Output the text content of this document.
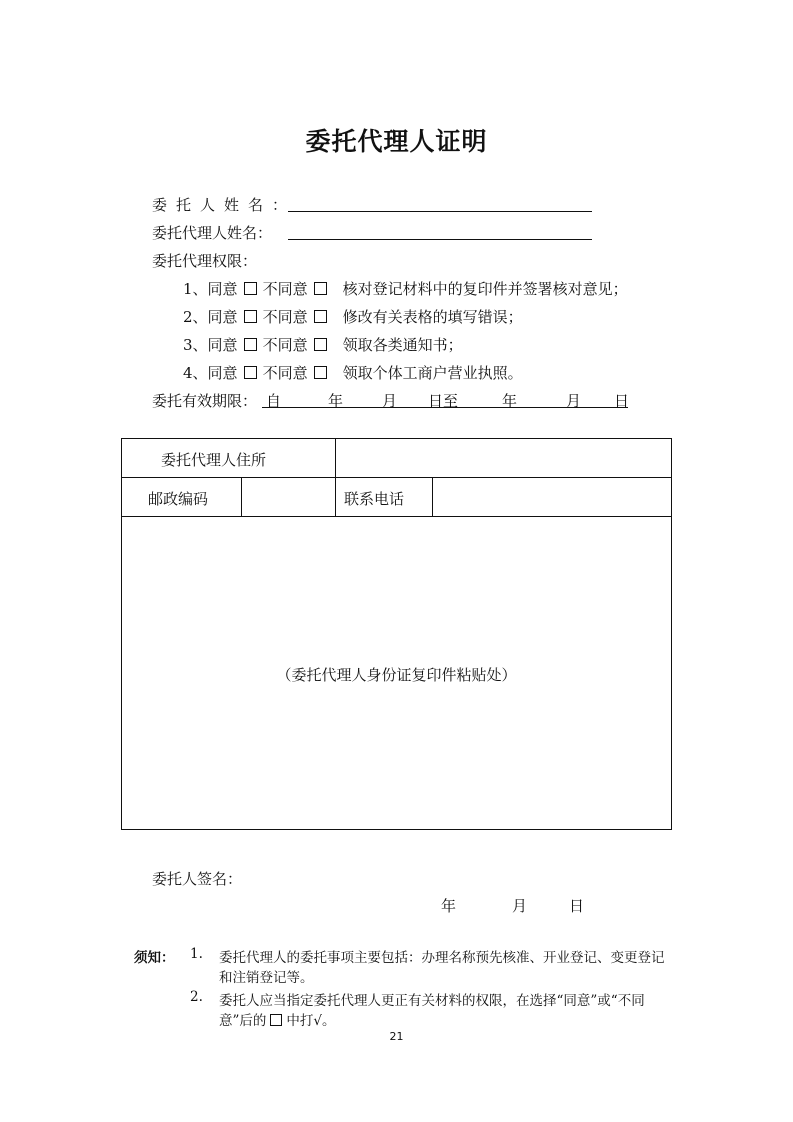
委托代理人证明
委托人姓名：
委托代理人姓名：
委托代理权限：
1、同意 不同意 核对登记材料中的复印件并签署核对意见；
2、同意 不同意 修改有关表格的填写错误；
3、同意 不同意 领取各类通知书；
4、同意 不同意 领取个体工商户营业执照。
委托有效期限： 自	年	月 日至	年	月 日
委托代理人住所
邮政编码	联系电话
（委托代理人身份证复印件粘贴处）
委托人签名：
年	月	日
须知： 1. 委托代理人的委托事项主要包括：办理名称预先核准、开业登记、变更登记
和注销登记等。
2. 委托人应当指定委托代理人更正有关材料的权限，在选择“同意”或“不同
意”后的 中打√。
21
